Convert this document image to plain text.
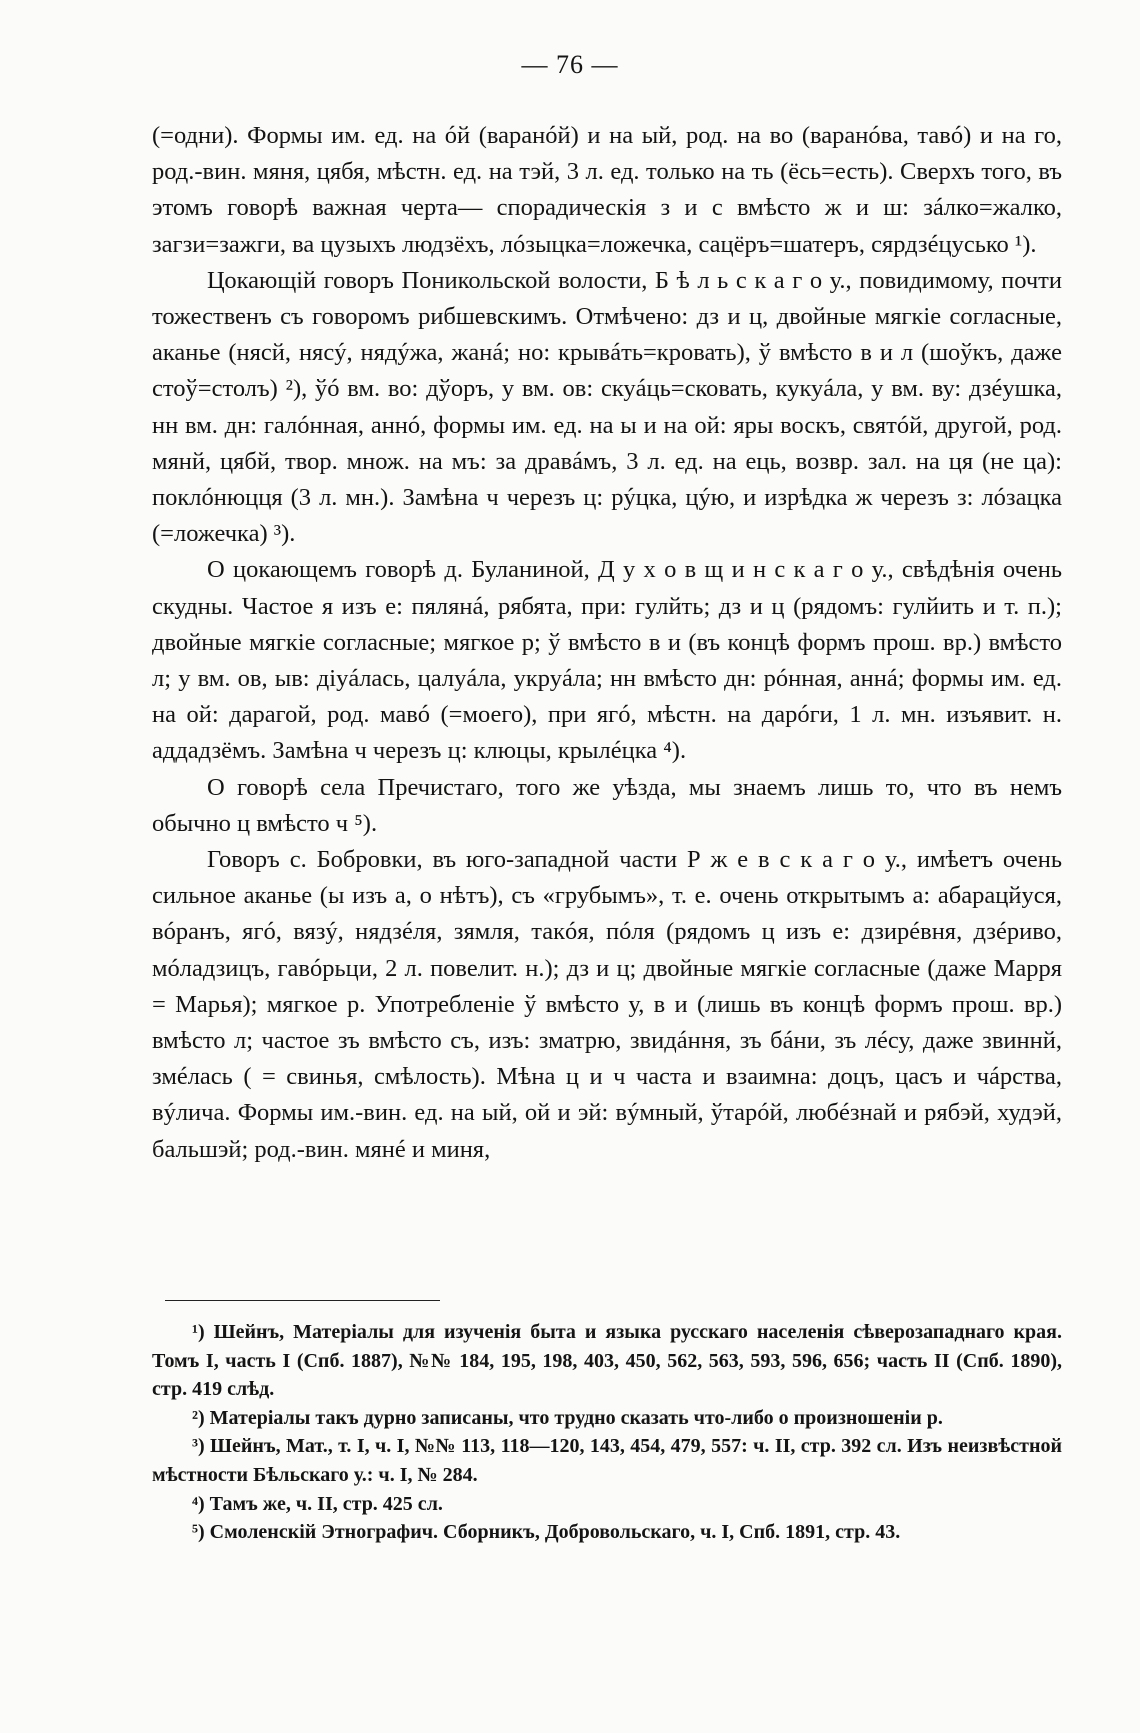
— 76 —

(=одни). Формы им. ед. на óй (варанóй) и на ый, род. на во (варанóва, тавó) и на го, род.-вин. мяня, цябя, мѣстн. ед. на тэй, 3 л. ед. только на ть (ёсь=есть). Сверхъ того, въ этомъ говорѣ важная черта— спорадическія з и с вмѣсто ж и ш: зáлко=жалко, загзи=зажги, ва цузыхъ людзёхъ, лóзыцка=ложечка, сацёръ=шатеръ, сярдзéцусько ¹).

Цокающій говоръ Поникольской волости, Б ѣ л ь с к а г о у., повидимому, почти тожественъ съ говоромъ рибшевскимъ. Отмѣчено: дз и ц, двойные мягкіе согласные, аканье (нясй, нясý, нядýжа, жанá; но: крывáть=кровать), ў вмѣсто в и л (шоўкъ, даже стоў=столъ) ²), ўó вм. во: дўоръ, у вм. ов: скуáць=сковать, кукуáла, у вм. ву: дзéушка, нн вм. дн: галóнная, аннó, формы им. ед. на ы и на ой: яры воскъ, святóй, другой, род. мянй, цябй, твор. множ. на мъ: за дравáмъ, 3 л. ед. на ець, возвр. зал. на ця (не ца): поклóнюцця (3 л. мн.). Замѣна ч черезъ ц: рýцка, цýю, и изрѣдка ж черезъ з: лóзацка (=ложечка) ³).

О цокающемъ говорѣ д. Буланиной, Д у х о в щ и н с к а г о у., свѣдѣнія очень скудны. Частое я изъ е: пялянá, рябята, при: гулйть; дз и ц (рядомъ: гулйить и т. п.); двойные мягкіе согласные; мягкое р; ў вмѣсто в и (въ концѣ формъ прош. вр.) вмѣсто л; у вм. ов, ыв: дiуáлась, цалуáла, укруáла; нн вмѣсто дн: рóнная, аннá; формы им. ед. на ой: дарагой, род. мавó (=моего), при ягó, мѣстн. на дарóги, 1 л. мн. изъявит. н. аддадзёмъ. Замѣна ч черезъ ц: клюцы, крылéцка ⁴).

О говорѣ села Пречистаго, того же уѣзда, мы знаемъ лишь то, что въ немъ обычно ц вмѣсто ч ⁵).

Говоръ с. Бобровки, въ юго-западной части Р ж е в с к а г о у., имѣетъ очень сильное аканье (ы изъ а, о нѣтъ), съ «грубымъ», т. е. очень открытымъ а: абарацйуся, вóранъ, ягó, вязý, нядзéля, зямля, такóя, пóля (рядомъ ц изъ е: дзирéвня, дзéриво, мóладзицъ, гавóрьци, 2 л. повелит. н.); дз и ц; двойные мягкіе согласные (даже Марря = Марья); мягкое р. Употребленіе ў вмѣсто у, в и (лишь въ концѣ формъ прош. вр.) вмѣсто л; частое зъ вмѣсто съ, изъ: зматрю, звидáння, зъ бáни, зъ лéсу, даже звиннй, змéлась ( = свинья, смѣлость). Мѣна ц и ч часта и взаимна: доцъ, цасъ и чáрства, вýлича. Формы им.-вин. ед. на ый, ой и эй: вýмный, ўтарóй, любéзнай и рябэй, худэй, бальшэй; род.-вин. мянé и миня,

¹) Шейнъ, Матеріалы для изученія быта и языка русскаго населенія сѣверозападнаго края. Томъ I, часть I (Спб. 1887), №№ 184, 195, 198, 403, 450, 562, 563, 593, 596, 656; часть II (Спб. 1890), стр. 419 слѣд.

²) Матеріалы такъ дурно записаны, что трудно сказать что-либо о произношеніи р.

³) Шейнъ, Мат., т. I, ч. I, №№ 113, 118—120, 143, 454, 479, 557: ч. II, стр. 392 сл. Изъ неизвѣстной мѣстности Бѣльскаго у.: ч. I, № 284.

⁴) Тамъ же, ч. II, стр. 425 сл.

⁵) Смоленскій Этнографич. Сборникъ, Добровольскаго, ч. I, Спб. 1891, стр. 43.
